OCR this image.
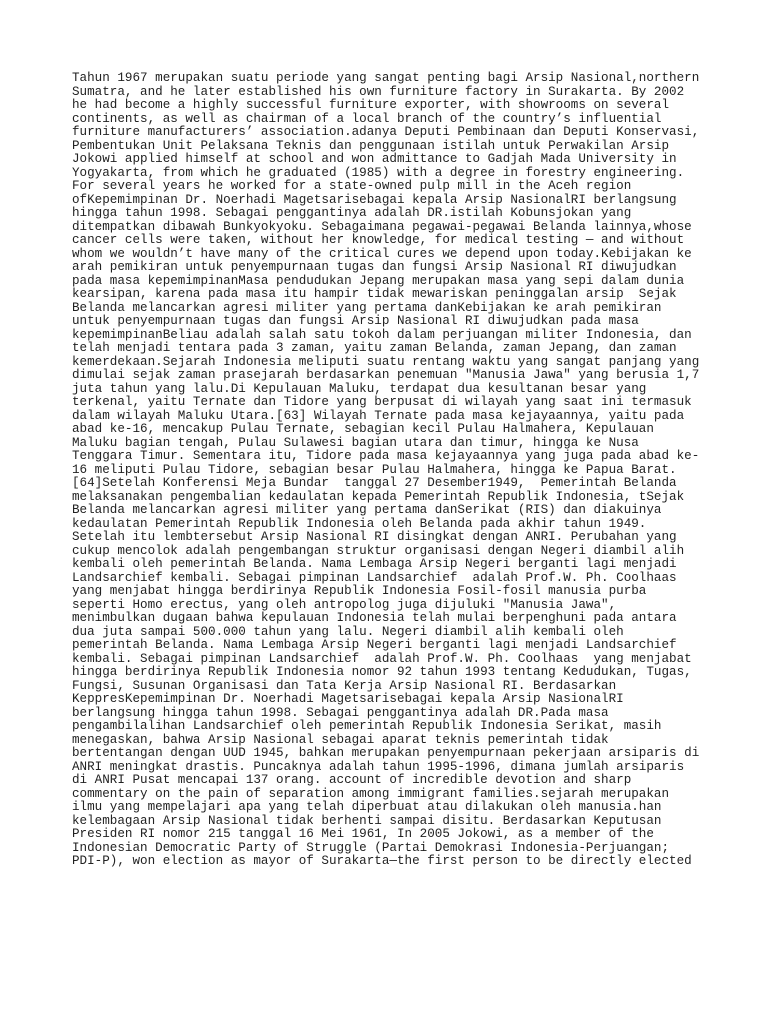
Tahun 1967 merupakan suatu periode yang sangat penting bagi Arsip Nasional,northern
Sumatra, and he later established his own furniture factory in Surakarta. By 2002
he had become a highly successful furniture exporter, with showrooms on several
continents, as well as chairman of a local branch of the country’s influential
furniture manufacturers’ association.adanya Deputi Pembinaan dan Deputi Konservasi,
Pembentukan Unit Pelaksana Teknis dan penggunaan istilah untuk Perwakilan Arsip
Jokowi applied himself at school and won admittance to Gadjah Mada University in
Yogyakarta, from which he graduated (1985) with a degree in forestry engineering.
For several years he worked for a state-owned pulp mill in the Aceh region
ofKepemimpinan Dr. Noerhadi Magetsarisebagai kepala Arsip NasionalRI berlangsung
hingga tahun 1998. Sebagai penggantinya adalah DR.istilah Kobunsjokan yang
ditempatkan dibawah Bunkyokyoku. Sebagaimana pegawai-pegawai Belanda lainnya,whose
cancer cells were taken, without her knowledge, for medical testing — and without
whom we wouldn’t have many of the critical cures we depend upon today.Kebijakan ke
arah pemikiran untuk penyempurnaan tugas dan fungsi Arsip Nasional RI diwujudkan
pada masa kepemimpinanMasa pendudukan Jepang merupakan masa yang sepi dalam dunia
kearsipan, karena pada masa itu hampir tidak mewariskan peninggalan arsip  Sejak
Belanda melancarkan agresi militer yang pertama danKebijakan ke arah pemikiran
untuk penyempurnaan tugas dan fungsi Arsip Nasional RI diwujudkan pada masa
kepemimpinanBeliau adalah salah satu tokoh dalam perjuangan militer Indonesia, dan
telah menjadi tentara pada 3 zaman, yaitu zaman Belanda, zaman Jepang, dan zaman
kemerdekaan.Sejarah Indonesia meliputi suatu rentang waktu yang sangat panjang yang
dimulai sejak zaman prasejarah berdasarkan penemuan "Manusia Jawa" yang berusia 1,7
juta tahun yang lalu.Di Kepulauan Maluku, terdapat dua kesultanan besar yang
terkenal, yaitu Ternate dan Tidore yang berpusat di wilayah yang saat ini termasuk
dalam wilayah Maluku Utara.[63] Wilayah Ternate pada masa kejayaannya, yaitu pada
abad ke-16, mencakup Pulau Ternate, sebagian kecil Pulau Halmahera, Kepulauan
Maluku bagian tengah, Pulau Sulawesi bagian utara dan timur, hingga ke Nusa
Tenggara Timur. Sementara itu, Tidore pada masa kejayaannya yang juga pada abad ke-
16 meliputi Pulau Tidore, sebagian besar Pulau Halmahera, hingga ke Papua Barat.
[64]Setelah Konferensi Meja Bundar  tanggal 27 Desember1949,  Pemerintah Belanda
melaksanakan pengembalian kedaulatan kepada Pemerintah Republik Indonesia, tSejak
Belanda melancarkan agresi militer yang pertama danSerikat (RIS) dan diakuinya
kedaulatan Pemerintah Republik Indonesia oleh Belanda pada akhir tahun 1949.
Setelah itu lembtersebut Arsip Nasional RI disingkat dengan ANRI. Perubahan yang
cukup mencolok adalah pengembangan struktur organisasi dengan Negeri diambil alih
kembali oleh pemerintah Belanda. Nama Lembaga Arsip Negeri berganti lagi menjadi
Landsarchief kembali. Sebagai pimpinan Landsarchief  adalah Prof.W. Ph. Coolhaas
yang menjabat hingga berdirinya Republik Indonesia Fosil-fosil manusia purba
seperti Homo erectus, yang oleh antropolog juga dijuluki "Manusia Jawa",
menimbulkan dugaan bahwa kepulauan Indonesia telah mulai berpenghuni pada antara
dua juta sampai 500.000 tahun yang lalu. Negeri diambil alih kembali oleh
pemerintah Belanda. Nama Lembaga Arsip Negeri berganti lagi menjadi Landsarchief
kembali. Sebagai pimpinan Landsarchief  adalah Prof.W. Ph. Coolhaas  yang menjabat
hingga berdirinya Republik Indonesia nomor 92 tahun 1993 tentang Kedudukan, Tugas,
Fungsi, Susunan Organisasi dan Tata Kerja Arsip Nasional RI. Berdasarkan
KeppresKepemimpinan Dr. Noerhadi Magetsarisebagai kepala Arsip NasionalRI
berlangsung hingga tahun 1998. Sebagai penggantinya adalah DR.Pada masa
pengambilalihan Landsarchief oleh pemerintah Republik Indonesia Serikat, masih
menegaskan, bahwa Arsip Nasional sebagai aparat teknis pemerintah tidak
bertentangan dengan UUD 1945, bahkan merupakan penyempurnaan pekerjaan arsiparis di
ANRI meningkat drastis. Puncaknya adalah tahun 1995-1996, dimana jumlah arsiparis
di ANRI Pusat mencapai 137 orang. account of incredible devotion and sharp
commentary on the pain of separation among immigrant families.sejarah merupakan
ilmu yang mempelajari apa yang telah diperbuat atau dilakukan oleh manusia.han
kelembagaan Arsip Nasional tidak berhenti sampai disitu. Berdasarkan Keputusan
Presiden RI nomor 215 tanggal 16 Mei 1961, In 2005 Jokowi, as a member of the
Indonesian Democratic Party of Struggle (Partai Demokrasi Indonesia-Perjuangan;
PDI-P), won election as mayor of Surakarta—the first person to be directly elected
